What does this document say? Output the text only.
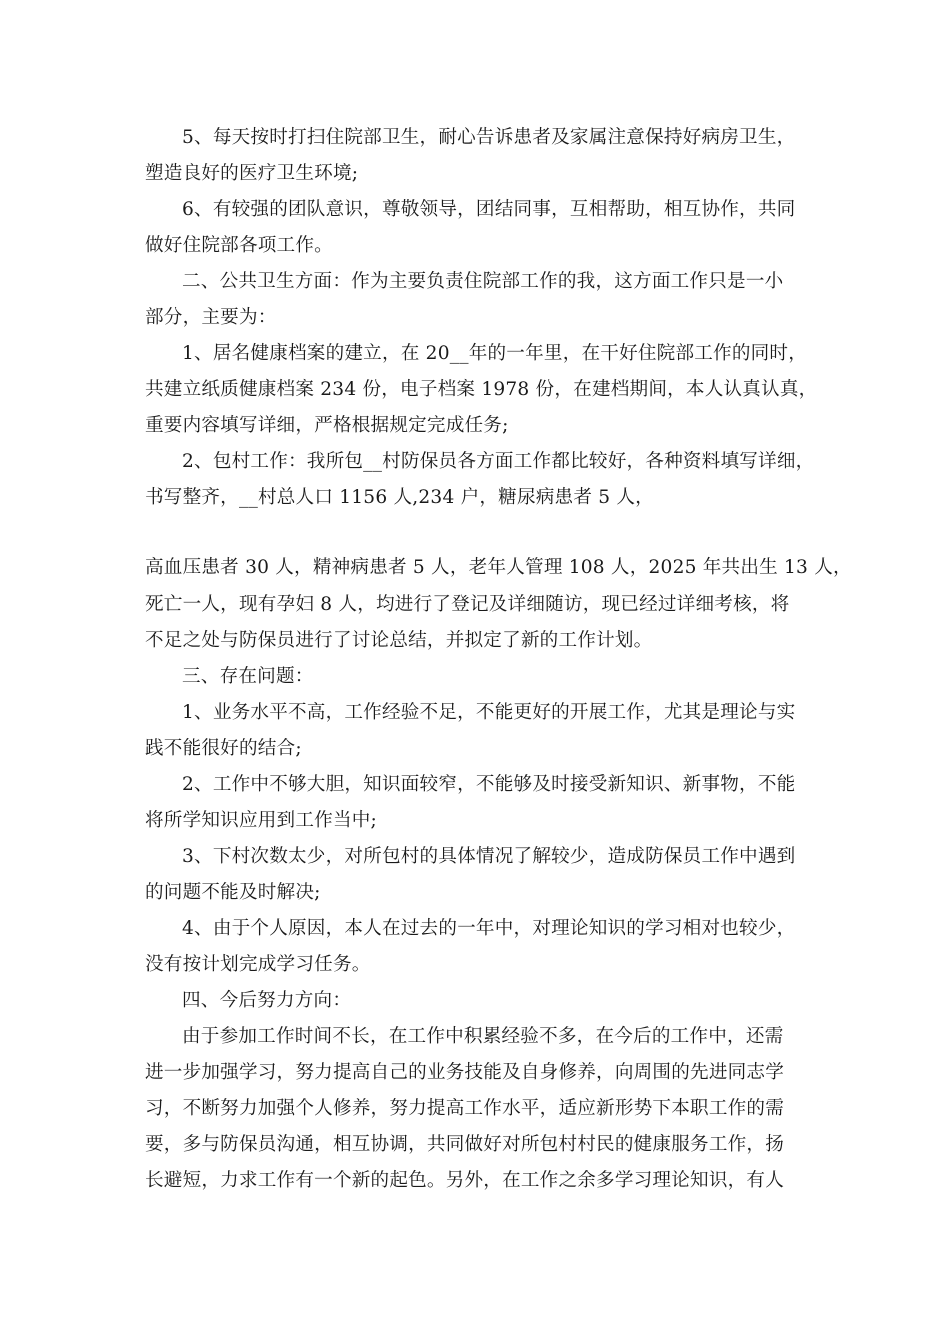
5、每天按时打扫住院部卫生，耐心告诉患者及家属注意保持好病房卫生，
塑造良好的医疗卫生环境;
6、有较强的团队意识，尊敬领导，团结同事，互相帮助，相互协作，共同
做好住院部各项工作。
二、公共卫生方面：作为主要负责住院部工作的我，这方面工作只是一小
部分，主要为：
1、居名健康档案的建立，在 20__年的一年里，在干好住院部工作的同时，
共建立纸质健康档案 234 份，电子档案 1978 份，在建档期间，本人认真认真，
重要内容填写详细，严格根据规定完成任务;
2、包村工作：我所包__村防保员各方面工作都比较好，各种资料填写详细，
书写整齐，__村总人口 1156 人,234 户，糖尿病患者 5 人，
高血压患者 30 人，精神病患者 5 人，老年人管理 108 人，2025 年共出生 13 人，
死亡一人，现有孕妇 8 人，均进行了登记及详细随访，现已经过详细考核，将
不足之处与防保员进行了讨论总结，并拟定了新的工作计划。
三、存在问题：
1、业务水平不高，工作经验不足，不能更好的开展工作，尤其是理论与实
践不能很好的结合;
2、工作中不够大胆，知识面较窄，不能够及时接受新知识、新事物，不能
将所学知识应用到工作当中;
3、下村次数太少，对所包村的具体情况了解较少，造成防保员工作中遇到
的问题不能及时解决;
4、由于个人原因，本人在过去的一年中，对理论知识的学习相对也较少，
没有按计划完成学习任务。
四、今后努力方向：
由于参加工作时间不长，在工作中积累经验不多，在今后的工作中，还需
进一步加强学习，努力提高自己的业务技能及自身修养，向周围的先进同志学
习，不断努力加强个人修养，努力提高工作水平，适应新形势下本职工作的需
要，多与防保员沟通，相互协调，共同做好对所包村村民的健康服务工作，扬
长避短，力求工作有一个新的起色。另外，在工作之余多学习理论知识，有人
